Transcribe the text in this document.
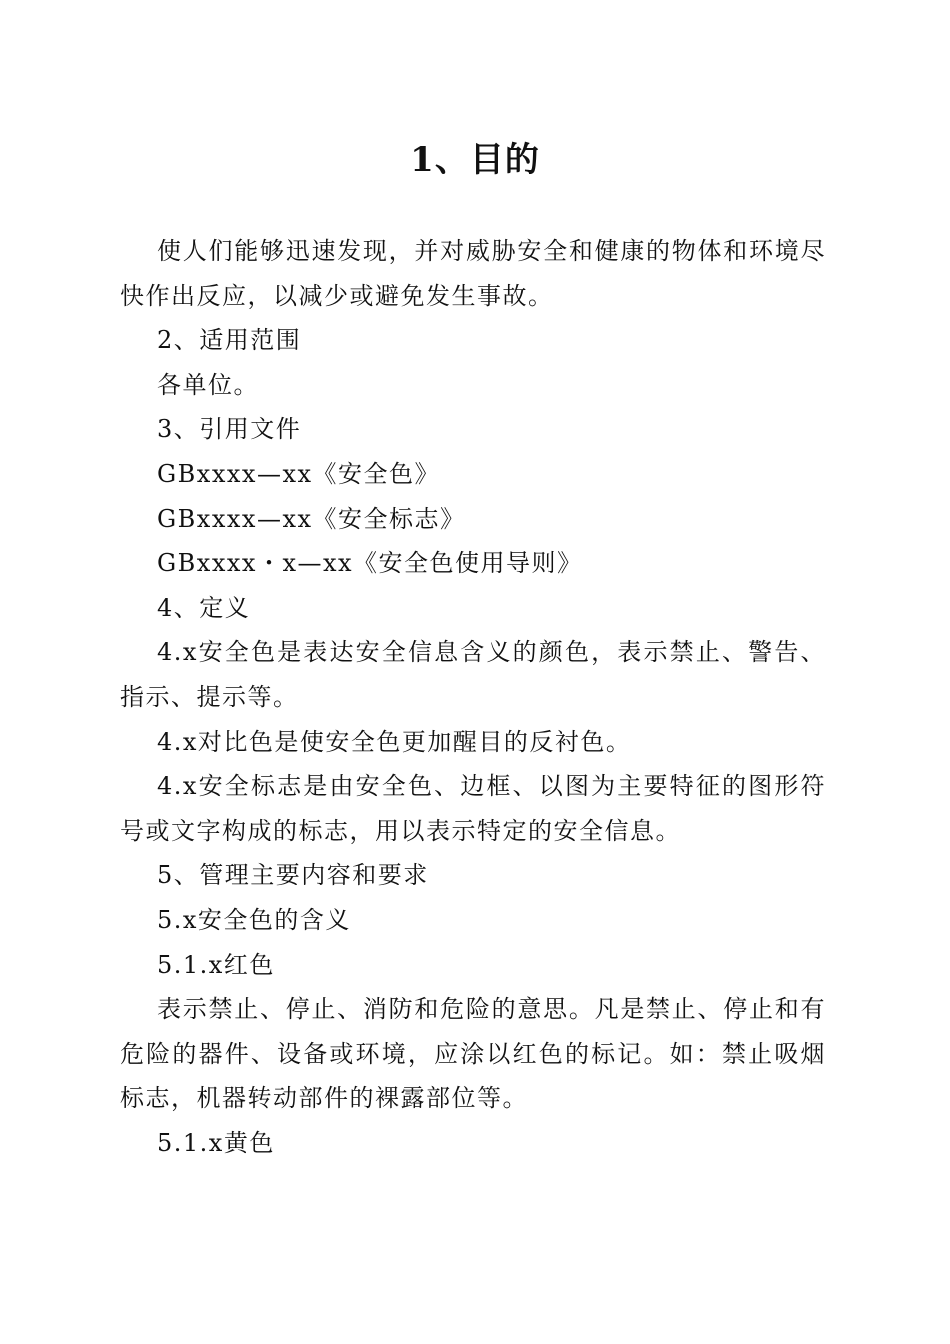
1、目的

使人们能够迅速发现，并对威胁安全和健康的物体和环境尽快作出反应，以减少或避免发生事故。

2、适用范围

各单位。

3、引用文件

GBxxxx—xx《安全色》

GBxxxx—xx《安全标志》

GBxxxx・x—xx《安全色使用导则》

4、定义

4.x安全色是表达安全信息含义的颜色，表示禁止、警告、指示、提示等。

4.x对比色是使安全色更加醒目的反衬色。

4.x安全标志是由安全色、边框、以图为主要特征的图形符号或文字构成的标志，用以表示特定的安全信息。

5、管理主要内容和要求

5.x安全色的含义

5.1.x红色

表示禁止、停止、消防和危险的意思。凡是禁止、停止和有危险的器件、设备或环境，应涂以红色的标记。如：禁止吸烟标志，机器转动部件的裸露部位等。

5.1.x黄色
